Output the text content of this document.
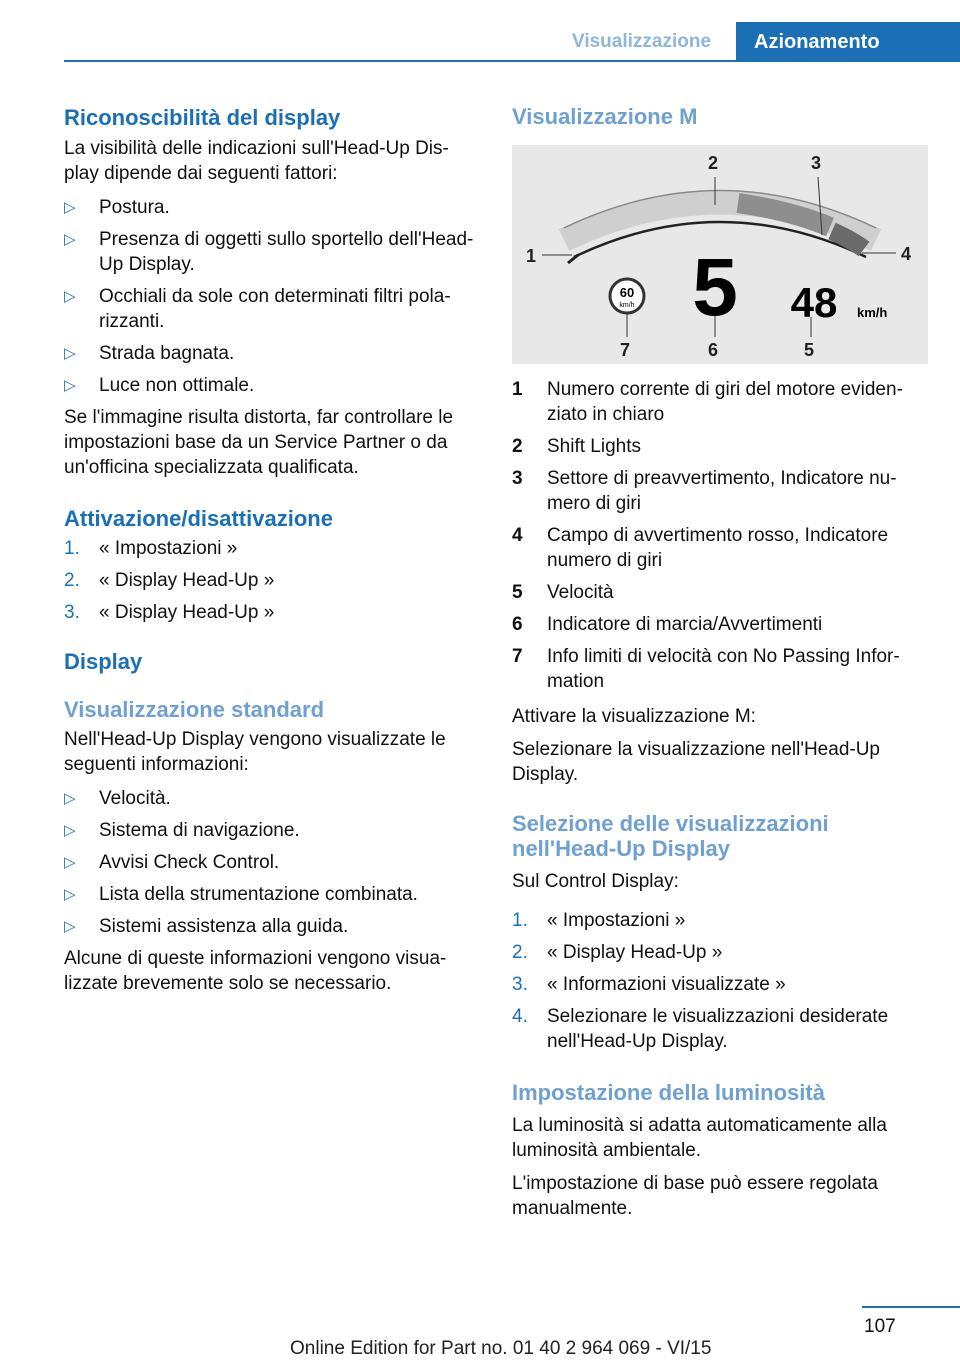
Visualizzazione Azionamento
Riconoscibilità del display

La visibilità delle indicazioni sull'Head-Up Display dipende dai seguenti fattori:

▷ Postura.
▷ Presenza di oggetti sullo sportello dell'Head-Up Display.
▷ Occhiali da sole con determinati filtri polarizzanti.
▷ Strada bagnata.
▷ Luce non ottimale.

Se l'immagine risulta distorta, far controllare le impostazioni base da un Service Partner o da un'officina specializzata qualificata.

Attivazione/disattivazione
1. « Impostazioni »
2. « Display Head-Up »
3. « Display Head-Up »
Display
Visualizzazione standard

Nell'Head-Up Display vengono visualizzate le seguenti informazioni:

▷ Velocità.
▷ Sistema di navigazione.
▷ Avvisi Check Control.
▷ Lista della strumentazione combinata.
▷ Sistemi assistenza alla guida.

Alcune di queste informazioni vengono visualizzate brevemente solo se necessario.

Visualizzazione M
60
km/h 5 48 km/h
1
2	3
4
5
6
7
1 Numero corrente di giri del motore evidenziato in chiaro
2 Shift Lights
3 Settore di preavvertimento, Indicatore numero di giri
4 Campo di avvertimento rosso, Indicatore numero di giri
5 Velocità
6 Indicatore di marcia/Avvertimenti
7 Info limiti di velocità con No Passing Information

Attivare la visualizzazione M:

Selezionare la visualizzazione nell'Head-Up Display.

Selezione delle visualizzazioni nell'Head-Up Display

Sul Control Display:

1. « Impostazioni »
2. « Display Head-Up »
3. « Informazioni visualizzate »
4. Selezionare le visualizzazioni desiderate nell'Head-Up Display.
Impostazione della luminosità

La luminosità si adatta automaticamente alla luminosità ambientale.

L'impostazione di base può essere regolata manualmente.

107
Online Edition for Part no. 01 40 2 964 069 - VI/15
